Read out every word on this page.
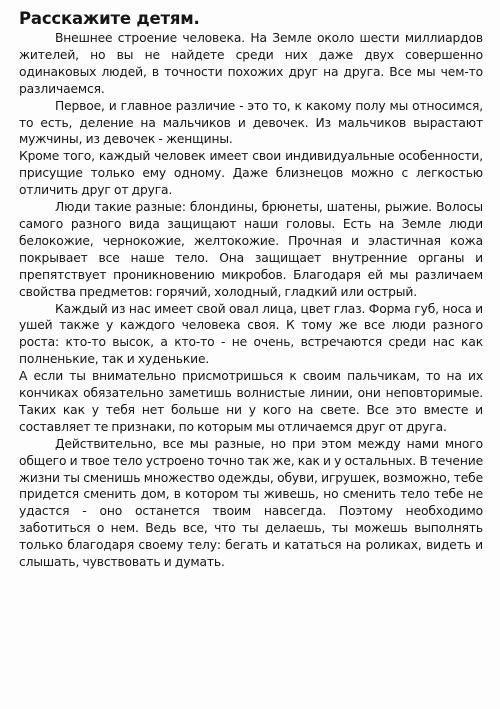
Расскажите детям.

Внешнее строение человека. На Земле около шести миллиардов жителей, но вы не найдете среди них даже двух совершенно одинаковых людей, в точности похожих друг на друга. Все мы чем-то различаемся.

Первое, и главное различие - это то, к какому полу мы относимся, то есть, деление на мальчиков и девочек. Из мальчиков вырастают мужчины, из девочек - женщины.

Кроме того, каждый человек имеет свои индивидуальные особенности, присущие только ему одному. Даже близнецов можно с легкостью отличить друг от друга.

Люди такие разные: блондины, брюнеты, шатены, рыжие. Волосы самого разного вида защищают наши головы. Есть на Земле люди белокожие, чернокожие, желтокожие. Прочная и эластичная кожа покрывает все наше тело. Она защищает внутренние органы и препятствует проникновению микробов. Благодаря ей мы различаем свойства предметов: горячий, холодный, гладкий или острый.

Каждый из нас имеет свой овал лица, цвет глаз. Форма губ, носа и ушей также у каждого человека своя. К тому же все люди разного роста: кто-то высок, а кто-то - не очень, встречаются среди нас как полненькие, так и худенькие.

А если ты внимательно присмотришься к своим пальчикам, то на их кончиках обязательно заметишь волнистые линии, они неповторимые. Таких как у тебя нет больше ни у кого на свете. Все это вместе и составляет те признаки, по которым мы отличаемся друг от друга.

Действительно, все мы разные, но при этом между нами много общего и твое тело устроено точно так же, как и у остальных. В течение жизни ты сменишь множество одежды, обуви, игрушек, возможно, тебе придется сменить дом, в котором ты живешь, но сменить тело тебе не удастся - оно останется твоим навсегда. Поэтому необходимо заботиться о нем. Ведь все, что ты делаешь, ты можешь выполнять только благодаря своему телу: бегать и кататься на роликах, видеть и слышать, чувствовать и думать.
